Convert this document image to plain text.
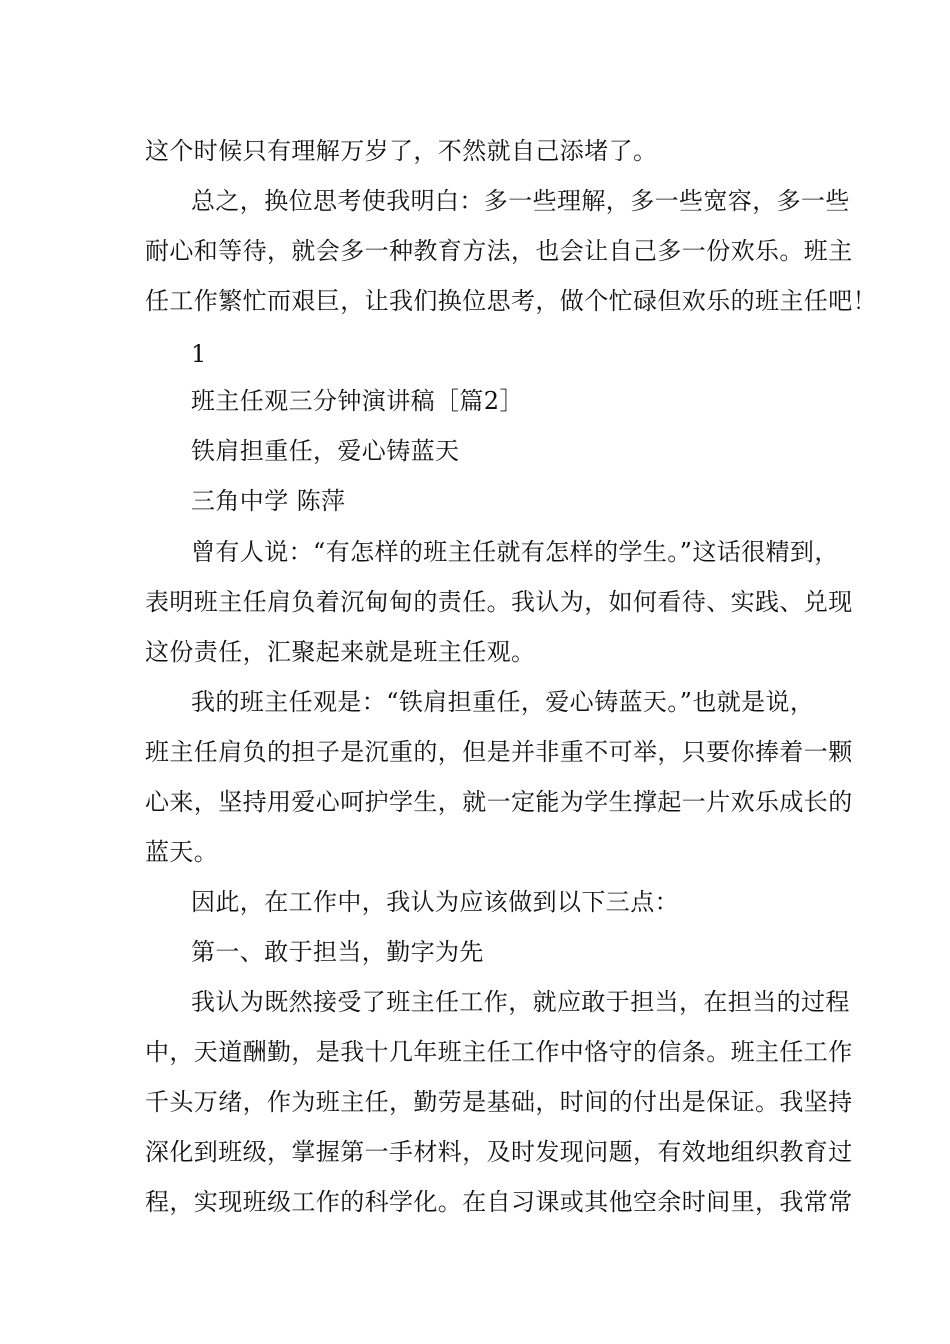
这个时候只有理解万岁了，不然就自己添堵了。
总之，换位思考使我明白：多一些理解，多一些宽容，多一些
耐心和等待，就会多一种教育方法，也会让自己多一份欢乐。班主
任工作繁忙而艰巨，让我们换位思考，做个忙碌但欢乐的班主任吧！
1
班主任观三分钟演讲稿［篇2］
铁肩担重任，爱心铸蓝天
三角中学 陈萍
曾有人说：“有怎样的班主任就有怎样的学生。”这话很精到，
表明班主任肩负着沉甸甸的责任。我认为，如何看待、实践、兑现
这份责任，汇聚起来就是班主任观。
我的班主任观是：“铁肩担重任，爱心铸蓝天。”也就是说，
班主任肩负的担子是沉重的，但是并非重不可举，只要你捧着一颗
心来，坚持用爱心呵护学生，就一定能为学生撑起一片欢乐成长的
蓝天。
因此，在工作中，我认为应该做到以下三点：
第一、敢于担当，勤字为先
我认为既然接受了班主任工作，就应敢于担当，在担当的过程
中，天道酬勤，是我十几年班主任工作中恪守的信条。班主任工作
千头万绪，作为班主任，勤劳是基础，时间的付出是保证。我坚持
深化到班级，掌握第一手材料，及时发现问题，有效地组织教育过
程，实现班级工作的科学化。在自习课或其他空余时间里，我常常
